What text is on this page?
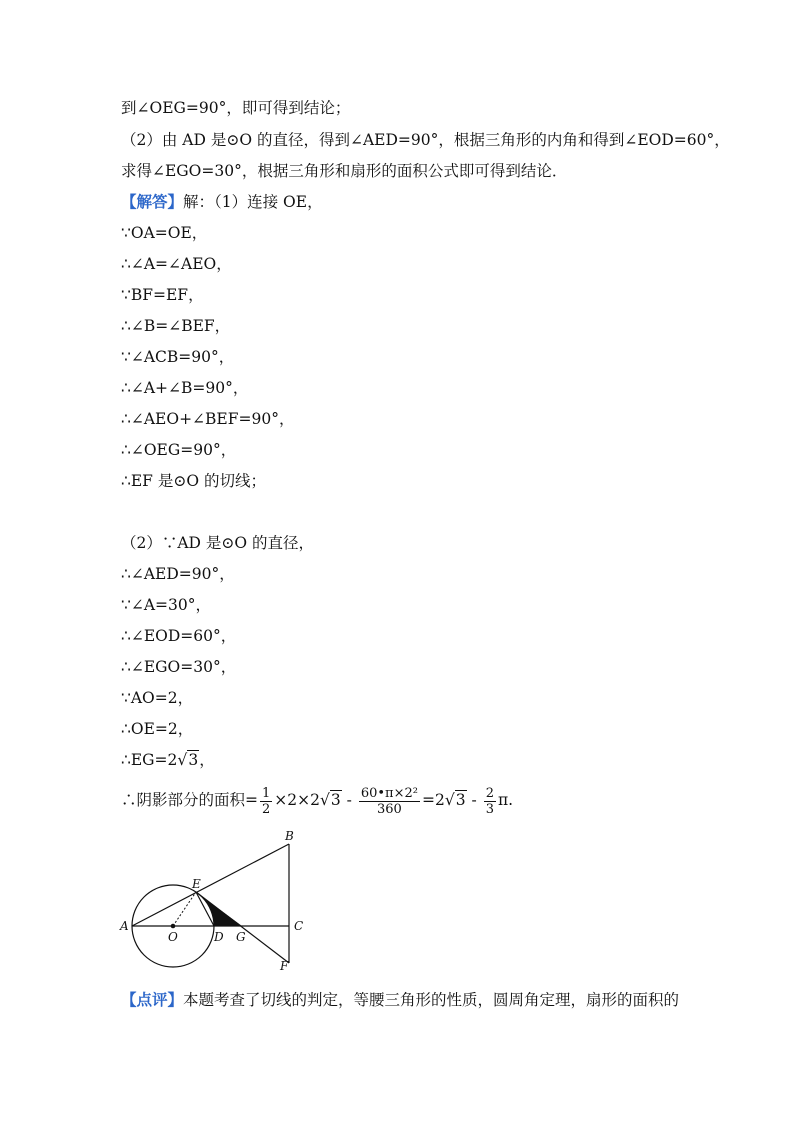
到∠OEG=90°，即可得到结论；
（2）由 AD 是⊙O 的直径，得到∠AED=90°，根据三角形的内角和得到∠EOD=60°，
求得∠EGO=30°，根据三角形和扇形的面积公式即可得到结论．
【解答】解：（1）连接 OE，
∵OA=OE，
∴∠A=∠AEO，
∵BF=EF，
∴∠B=∠BEF，
∵∠ACB=90°，
∴∠A+∠B=90°，
∴∠AEO+∠BEF=90°，
∴∠OEG=90°，
∴EF 是⊙O 的切线；
（2）∵AD 是⊙O 的直径，
∴∠AED=90°，
∵∠A=30°，
∴∠EOD=60°，
∴∠EGO=30°，
∵AO=2，
∴OE=2，
∴EG=2√3，
∴阴影部分的面积= $\frac{1}{2} \times 2\times 2√3 - \frac{\text{60•π×2²}}{360} =2√3 - \frac{2}{3} \pi$.
A
B
C
D
E
F
G
O
【点评】本题考查了切线的判定，等腰三角形的性质，圆周角定理，扇形的面积的
